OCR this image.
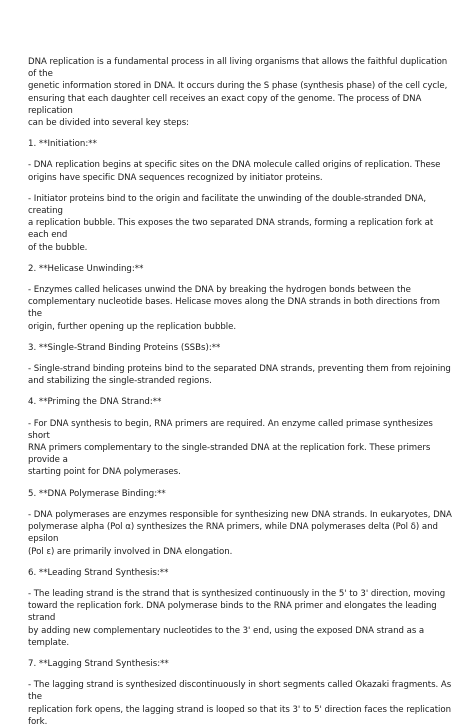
DNA replication is a fundamental process in all living organisms that allows the faithful duplication of the
genetic information stored in DNA. It occurs during the S phase (synthesis phase) of the cell cycle,
ensuring that each daughter cell receives an exact copy of the genome. The process of DNA replication
can be divided into several key steps:

1. **Initiation:**

- DNA replication begins at specific sites on the DNA molecule called origins of replication. These
origins have specific DNA sequences recognized by initiator proteins.

- Initiator proteins bind to the origin and facilitate the unwinding of the double-stranded DNA, creating
a replication bubble. This exposes the two separated DNA strands, forming a replication fork at each end
of the bubble.

2. **Helicase Unwinding:**

- Enzymes called helicases unwind the DNA by breaking the hydrogen bonds between the
complementary nucleotide bases. Helicase moves along the DNA strands in both directions from the
origin, further opening up the replication bubble.

3. **Single-Strand Binding Proteins (SSBs):**

- Single-strand binding proteins bind to the separated DNA strands, preventing them from rejoining
and stabilizing the single-stranded regions.

4. **Priming the DNA Strand:**

- For DNA synthesis to begin, RNA primers are required. An enzyme called primase synthesizes short
RNA primers complementary to the single-stranded DNA at the replication fork. These primers provide a
starting point for DNA polymerases.

5. **DNA Polymerase Binding:**

- DNA polymerases are enzymes responsible for synthesizing new DNA strands. In eukaryotes, DNA
polymerase alpha (Pol α) synthesizes the RNA primers, while DNA polymerases delta (Pol δ) and epsilon
(Pol ε) are primarily involved in DNA elongation.

6. **Leading Strand Synthesis:**

- The leading strand is the strand that is synthesized continuously in the 5' to 3' direction, moving
toward the replication fork. DNA polymerase binds to the RNA primer and elongates the leading strand
by adding new complementary nucleotides to the 3' end, using the exposed DNA strand as a template.

7. **Lagging Strand Synthesis:**

- The lagging strand is synthesized discontinuously in short segments called Okazaki fragments. As the
replication fork opens, the lagging strand is looped so that its 3' to 5' direction faces the replication fork.
